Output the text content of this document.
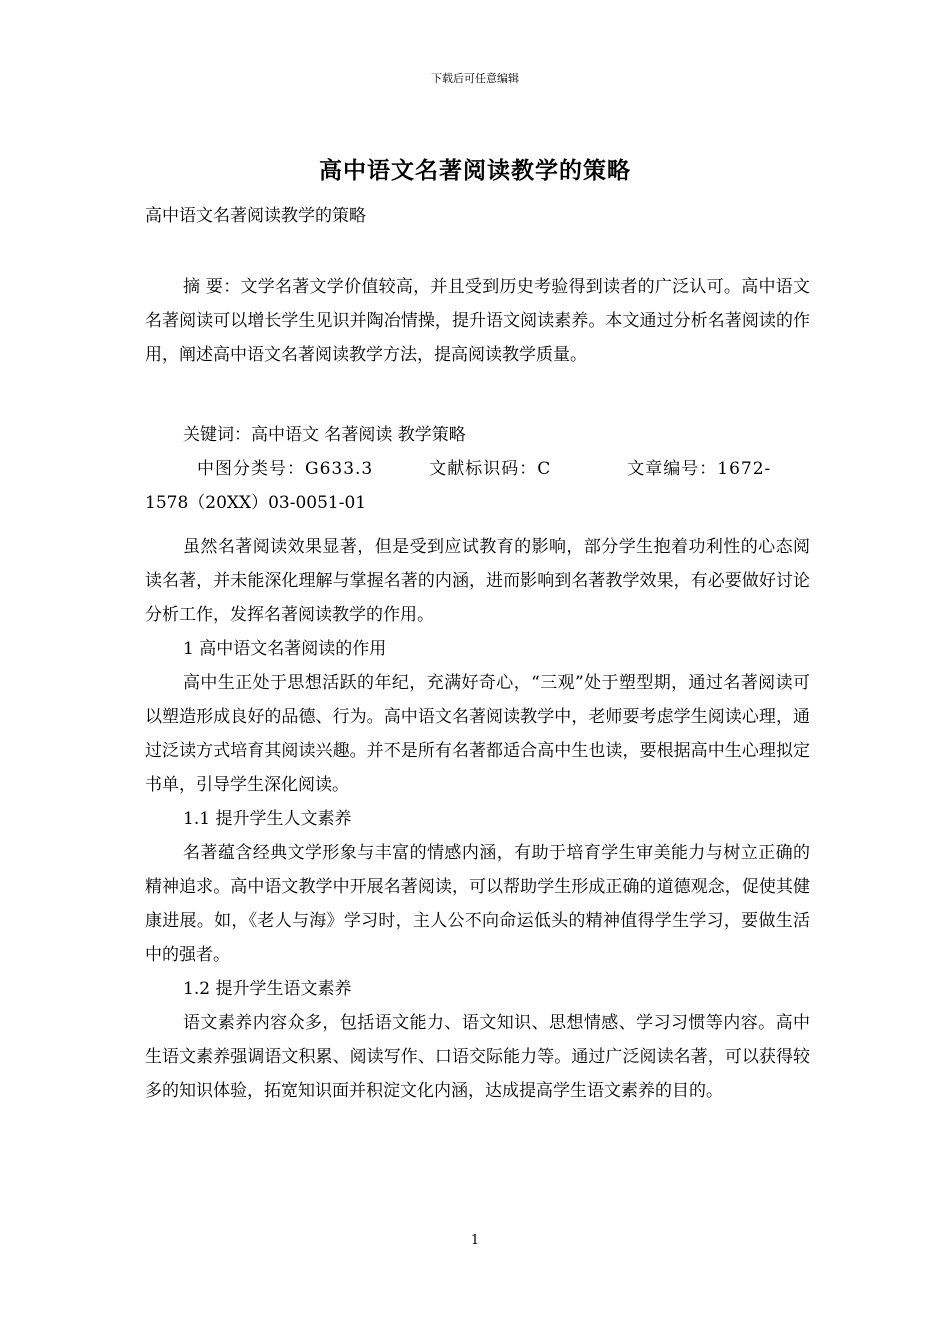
下载后可任意编辑
高中语文名著阅读教学的策略
高中语文名著阅读教学的策略

摘 要：文学名著文学价值较高，并且受到历史考验得到读者的广泛认可。高中语文名著阅读可以增长学生见识并陶冶情操，提升语文阅读素养。本文通过分析名著阅读的作用，阐述高中语文名著阅读教学方法，提高阅读教学质量。

关键词：高中语文 名著阅读 教学策略

中图分类号：G633.3	文献标识码：C	文章编号：1672-
1578（20XX）03-0051-01

虽然名著阅读效果显著，但是受到应试教育的影响，部分学生抱着功利性的心态阅读名著，并未能深化理解与掌握名著的内涵，进而影响到名著教学效果，有必要做好讨论分析工作，发挥名著阅读教学的作用。

1 高中语文名著阅读的作用

高中生正处于思想活跃的年纪，充满好奇心，“三观”处于塑型期，通过名著阅读可以塑造形成良好的品德、行为。高中语文名著阅读教学中，老师要考虑学生阅读心理，通过泛读方式培育其阅读兴趣。并不是所有名著都适合高中生也读，要根据高中生心理拟定书单，引导学生深化阅读。

1.1 提升学生人文素养

名著蕴含经典文学形象与丰富的情感内涵，有助于培育学生审美能力与树立正确的精神追求。高中语文教学中开展名著阅读，可以帮助学生形成正确的道德观念，促使其健康进展。如，《老人与海》学习时，主人公不向命运低头的精神值得学生学习，要做生活中的强者。

1.2 提升学生语文素养

语文素养内容众多，包括语文能力、语文知识、思想情感、学习习惯等内容。高中生语文素养强调语文积累、阅读写作、口语交际能力等。通过广泛阅读名著，可以获得较多的知识体验，拓宽知识面并积淀文化内涵，达成提高学生语文素养的目的。

1
